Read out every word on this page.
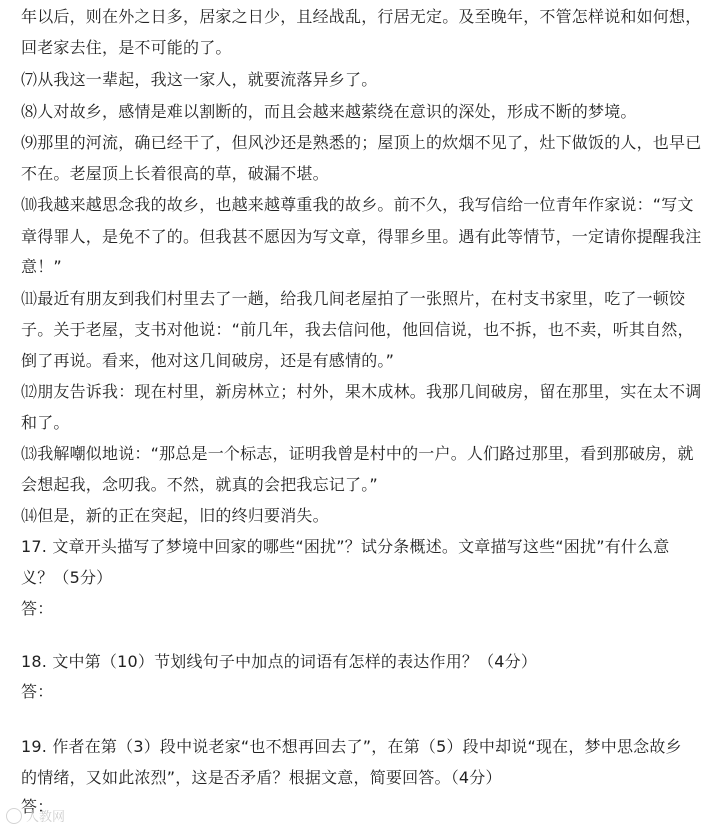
年以后，则在外之日多，居家之日少，且经战乱，行居无定。及至晚年，不管怎样说和如何想，
回老家去住，是不可能的了。
⑺从我这一辈起，我这一家人，就要流落异乡了。
⑻人对故乡，感情是难以割断的，而且会越来越萦绕在意识的深处，形成不断的梦境。
⑼那里的河流，确已经干了，但风沙还是熟悉的；屋顶上的炊烟不见了，灶下做饭的人，也早已
不在。老屋顶上长着很高的草，破漏不堪。
⑽我越来越思念我的故乡，也越来越尊重我的故乡。前不久，我写信给一位青年作家说：“写文
章得罪人，是免不了的。但我甚不愿因为写文章，得罪乡里。遇有此等情节，一定请你提醒我注
意！”
⑾最近有朋友到我们村里去了一趟，给我几间老屋拍了一张照片，在村支书家里，吃了一顿饺
子。关于老屋，支书对他说：“前几年，我去信问他，他回信说，也不拆，也不卖，听其自然，
倒了再说。看来，他对这几间破房，还是有感情的。”
⑿朋友告诉我：现在村里，新房林立；村外，果木成林。我那几间破房，留在那里，实在太不调
和了。
⒀我解嘲似地说：“那总是一个标志，证明我曾是村中的一户。人们路过那里，看到那破房，就
会想起我，念叨我。不然，就真的会把我忘记了。”
⒁但是，新的正在突起，旧的终归要消失。
17. 文章开头描写了梦境中回家的哪些“困扰”？试分条概述。文章描写这些“困扰”有什么意
义？（5分）
答：
18. 文中第（10）节划线句子中加点的词语有怎样的表达作用？（4分）
答：
19. 作者在第（3）段中说老家“也不想再回去了”，在第（5）段中却说“现在，梦中思念故乡
的情绪，又如此浓烈”，这是否矛盾？根据文意，简要回答。（4分）
答：
人教网
